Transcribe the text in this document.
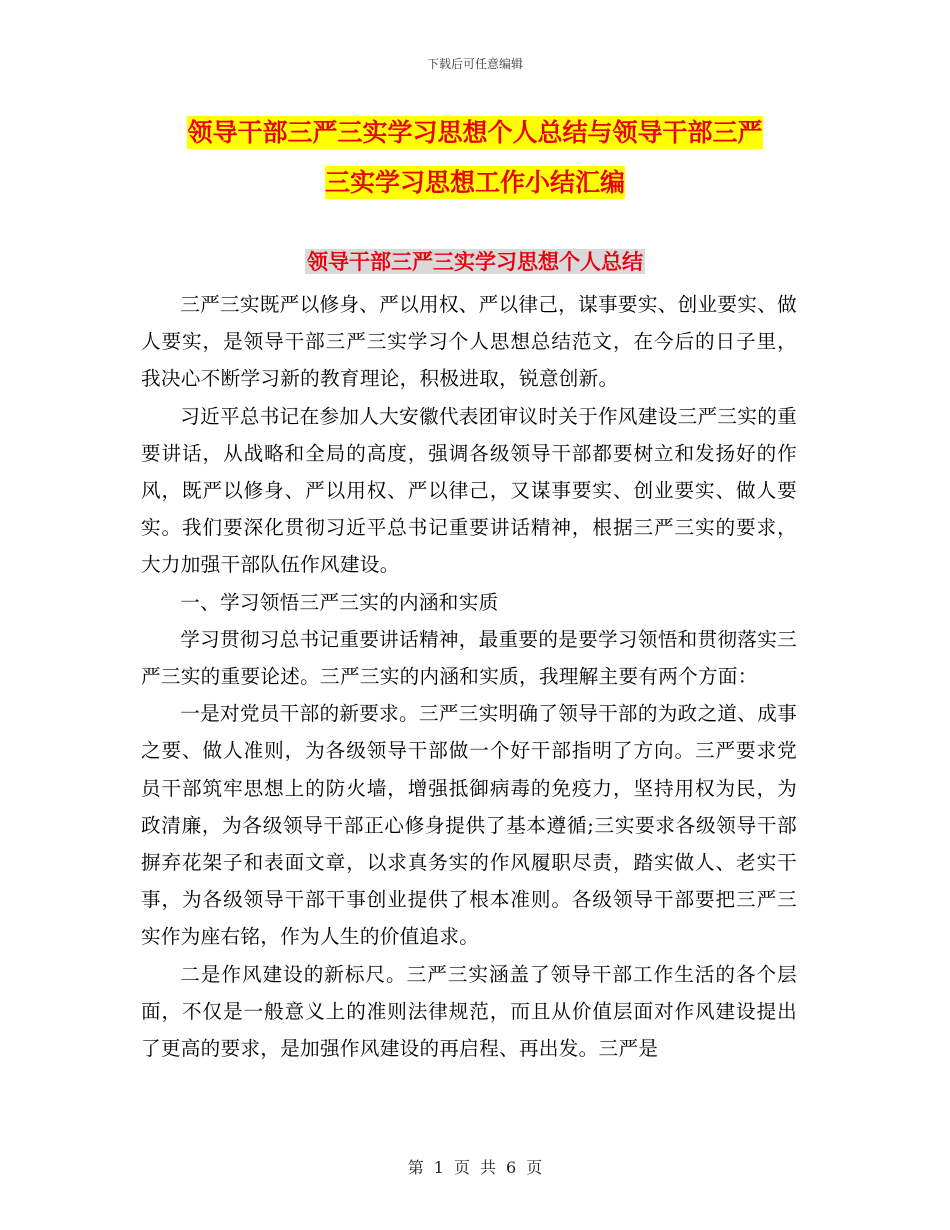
下载后可任意编辑
领导干部三严三实学习思想个人总结与领导干部三严
三实学习思想工作小结汇编
领导干部三严三实学习思想个人总结

三严三实既严以修身、严以用权、严以律己，谋事要实、创业要实、做人要实，是领导干部三严三实学习个人思想总结范文，在今后的日子里，我决心不断学习新的教育理论，积极进取，锐意创新。

习近平总书记在参加人大安徽代表团审议时关于作风建设三严三实的重要讲话，从战略和全局的高度，强调各级领导干部都要树立和发扬好的作风，既严以修身、严以用权、严以律己，又谋事要实、创业要实、做人要实。我们要深化贯彻习近平总书记重要讲话精神，根据三严三实的要求，大力加强干部队伍作风建设。

一、学习领悟三严三实的内涵和实质

学习贯彻习总书记重要讲话精神，最重要的是要学习领悟和贯彻落实三严三实的重要论述。三严三实的内涵和实质，我理解主要有两个方面：

一是对党员干部的新要求。三严三实明确了领导干部的为政之道、成事之要、做人准则，为各级领导干部做一个好干部指明了方向。三严要求党员干部筑牢思想上的防火墙，增强抵御病毒的免疫力，坚持用权为民，为政清廉，为各级领导干部正心修身提供了基本遵循;三实要求各级领导干部摒弃花架子和表面文章，以求真务实的作风履职尽责，踏实做人、老实干事，为各级领导干部干事创业提供了根本准则。各级领导干部要把三严三实作为座右铭，作为人生的价值追求。

二是作风建设的新标尺。三严三实涵盖了领导干部工作生活的各个层面，不仅是一般意义上的准则法律规范，而且从价值层面对作风建设提出了更高的要求，是加强作风建设的再启程、再出发。三严是

第 1 页 共 6 页
